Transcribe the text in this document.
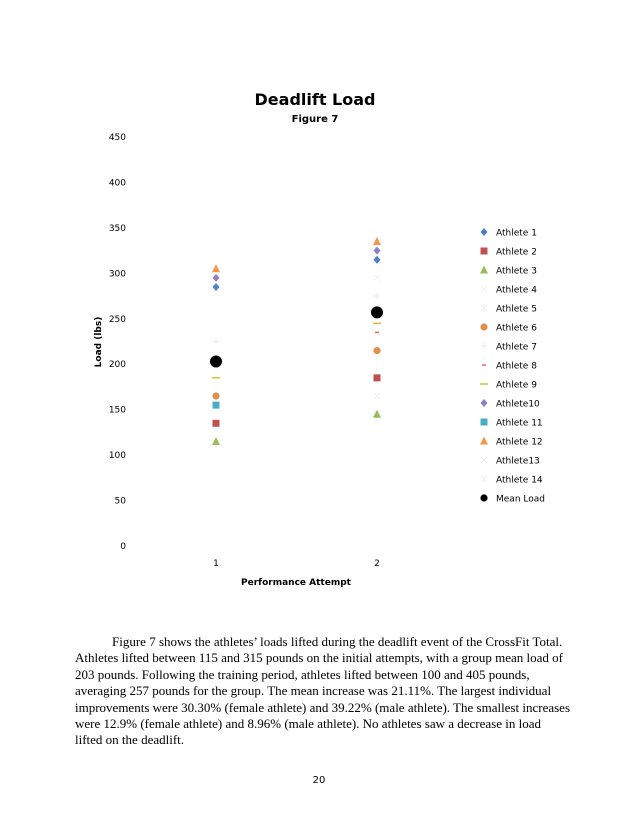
Deadlift Load
Figure 7
0
50
100
150
200
250
300
350
400
450
1	2
Load (lbs)
Performance Attempt
Athlete 1
Athlete 2
Athlete 3
Athlete 4
Athlete 5
Athlete 6
Athlete 7
Athlete 8
Athlete 9
Athlete10
Athlete 11
Athlete 12
Athlete13
Athlete 14
Mean Load

Figure 7 shows the athletes’ loads lifted during the deadlift event of the CrossFit Total. Athletes lifted between 115 and 315 pounds on the initial attempts, with a group mean load of 203 pounds. Following the training period, athletes lifted between 100 and 405 pounds, averaging 257 pounds for the group. The mean increase was 21.11%. The largest individual improvements were 30.30% (female athlete) and 39.22% (male athlete). The smallest increases were 12.9% (female athlete) and 8.96% (male athlete). No athletes saw a decrease in load lifted on the deadlift.

20
